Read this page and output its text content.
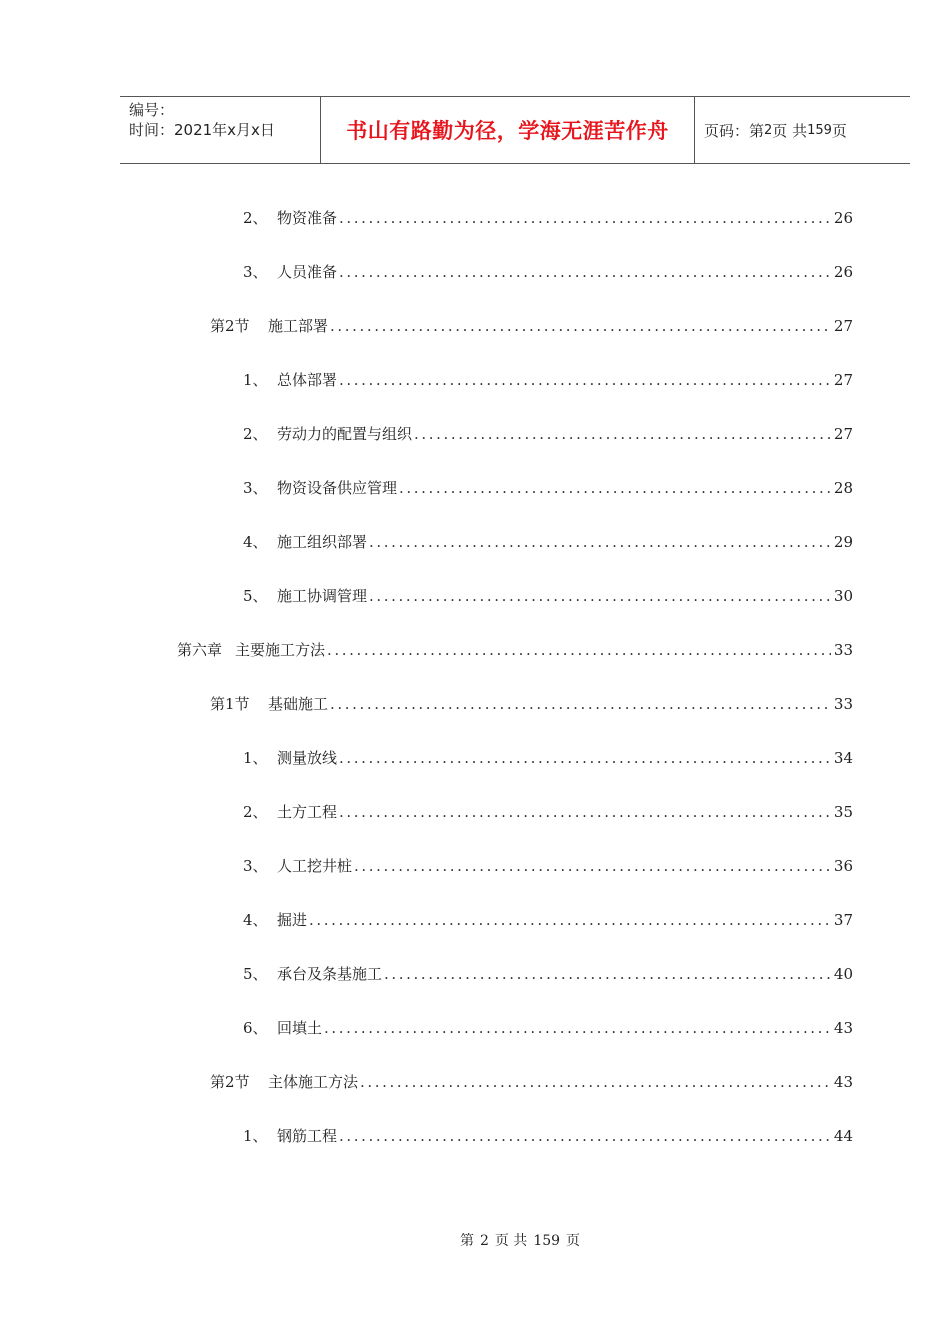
编号：
时间：2021年x月x日	书山有路勤为径，学海无涯苦作舟 页码：第 2 页 共 159 页
2、 物资准备 .....	26
3、 人员准备 .....	26
第2节	施工部署 .....	27
1、 总体部署 .....	27
2、 劳动力的配置与组织 .....	27
3、 物资设备供应管理 .....	28
4、 施工组织部署 .....	29
5、 施工协调管理 .....	30
第六章 主要施工方法 .....	33
第1节	基础施工 .....	33
1、 测量放线 .....	34
2、 土方工程 .....	35
3、 人工挖井桩 .....	36
4、 掘进 .....	37
5、 承台及条基施工 .....	40
6、 回填土 .....	43
第2节	主体施工方法 .....	43
1、 钢筋工程 .....	44
第 2 页 共 159 页
